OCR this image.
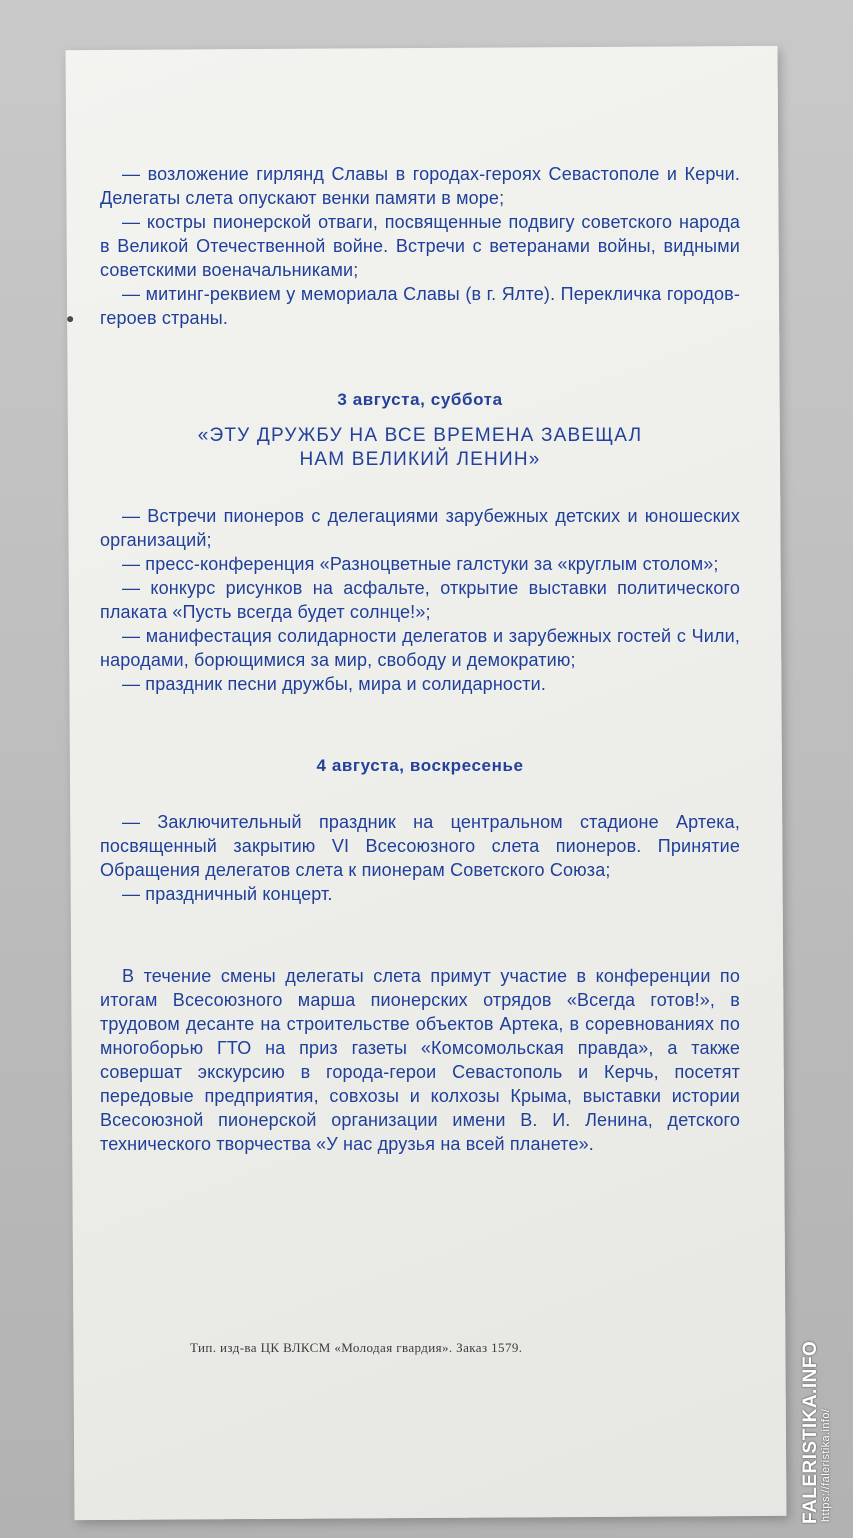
— возложение гирлянд Славы в городах-героях Севастополе и Керчи. Делегаты слета опускают венки памяти в море;

— костры пионерской отваги, посвященные подвигу советского народа в Великой Отечественной войне. Встречи с ветеранами войны, видными советскими военачальниками;

— митинг-реквием у мемориала Славы (в г. Ялте). Перекличка городов-героев страны.

3 августа, суббота

«ЭТУ ДРУЖБУ НА ВСЕ ВРЕМЕНА ЗАВЕЩАЛ

НАМ ВЕЛИКИЙ ЛЕНИН»

— Встречи пионеров с делегациями зарубежных детских и юношеских организаций;

— пресс-конференция «Разноцветные галстуки за «круглым столом»;

— конкурс рисунков на асфальте, открытие выставки политического плаката «Пусть всегда будет солнце!»;

— манифестация солидарности делегатов и зарубежных гостей с Чили, народами, борющимися за мир, свободу и демократию;

— праздник песни дружбы, мира и солидарности.

4 августа, воскресенье

— Заключительный праздник на центральном стадионе Артека, посвященный закрытию VI Всесоюзного слета пионеров. Принятие Обращения делегатов слета к пионерам Советского Союза;

— праздничный концерт.

В течение смены делегаты слета примут участие в конференции по итогам Всесоюзного марша пионерских отрядов «Всегда готов!», в трудовом десанте на строительстве объектов Артека, в соревнованиях по многоборью ГТО на приз газеты «Комсомольская правда», а также совершат экскурсию в города-герои Севастополь и Керчь, посетят передовые предприятия, совхозы и колхозы Крыма, выставки истории Всесоюзной пионерской организации имени В. И. Ленина, детского технического творчества «У нас друзья на всей планете».

Тип. изд-ва ЦК ВЛКСМ «Молодая гвардия». Заказ 1579.	FALERISTIKA.INFO https://faleristika.info/
